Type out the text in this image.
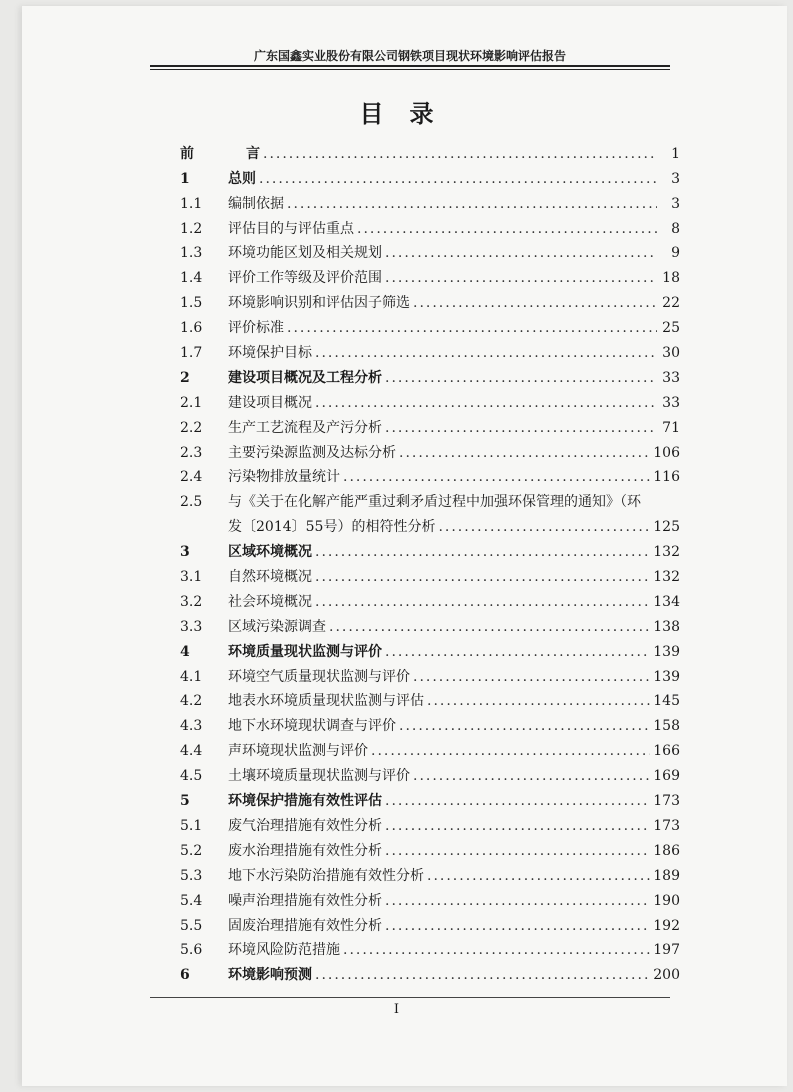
广东国鑫实业股份有限公司钢铁项目现状环境影响评估报告
目录
前	言 .....	1
1	总则 .....	3
1.1	编制依据 .....	3
1.2	评估目的与评估重点 .....	8
1.3	环境功能区划及相关规划 .....	9
1.4	评价工作等级及评价范围 .....	18
1.5	环境影响识别和评估因子筛选 .....	22
1.6	评价标准 .....	25
1.7	环境保护目标 .....	30
2	建设项目概况及工程分析 .....	33
2.1	建设项目概况 .....	33
2.2	生产工艺流程及产污分析 .....	71
2.3	主要污染源监测及达标分析 .....	106
2.4	污染物排放量统计 .....	116
2.5	与《关于在化解产能严重过剩矛盾过程中加强环保管理的通知》（环
发〔2014〕55号）的相符性分析 .....	125
3	区域环境概况 .....	132
3.1	自然环境概况 .....	132
3.2	社会环境概况 .....	134
3.3	区域污染源调查 .....	138
4	环境质量现状监测与评价 .....	139
4.1	环境空气质量现状监测与评价 .....	139
4.2	地表水环境质量现状监测与评估 .....	145
4.3	地下水环境现状调查与评价 .....	158
4.4	声环境现状监测与评价 .....	166
4.5	土壤环境质量现状监测与评价 .....	169
5	环境保护措施有效性评估 .....	173
5.1	废气治理措施有效性分析 .....	173
5.2	废水治理措施有效性分析 .....	186
5.3	地下水污染防治措施有效性分析 .....	189
5.4	噪声治理措施有效性分析 .....	190
5.5	固废治理措施有效性分析 .....	192
5.6	环境风险防范措施 .....	197
6	环境影响预测 .....	200
I
